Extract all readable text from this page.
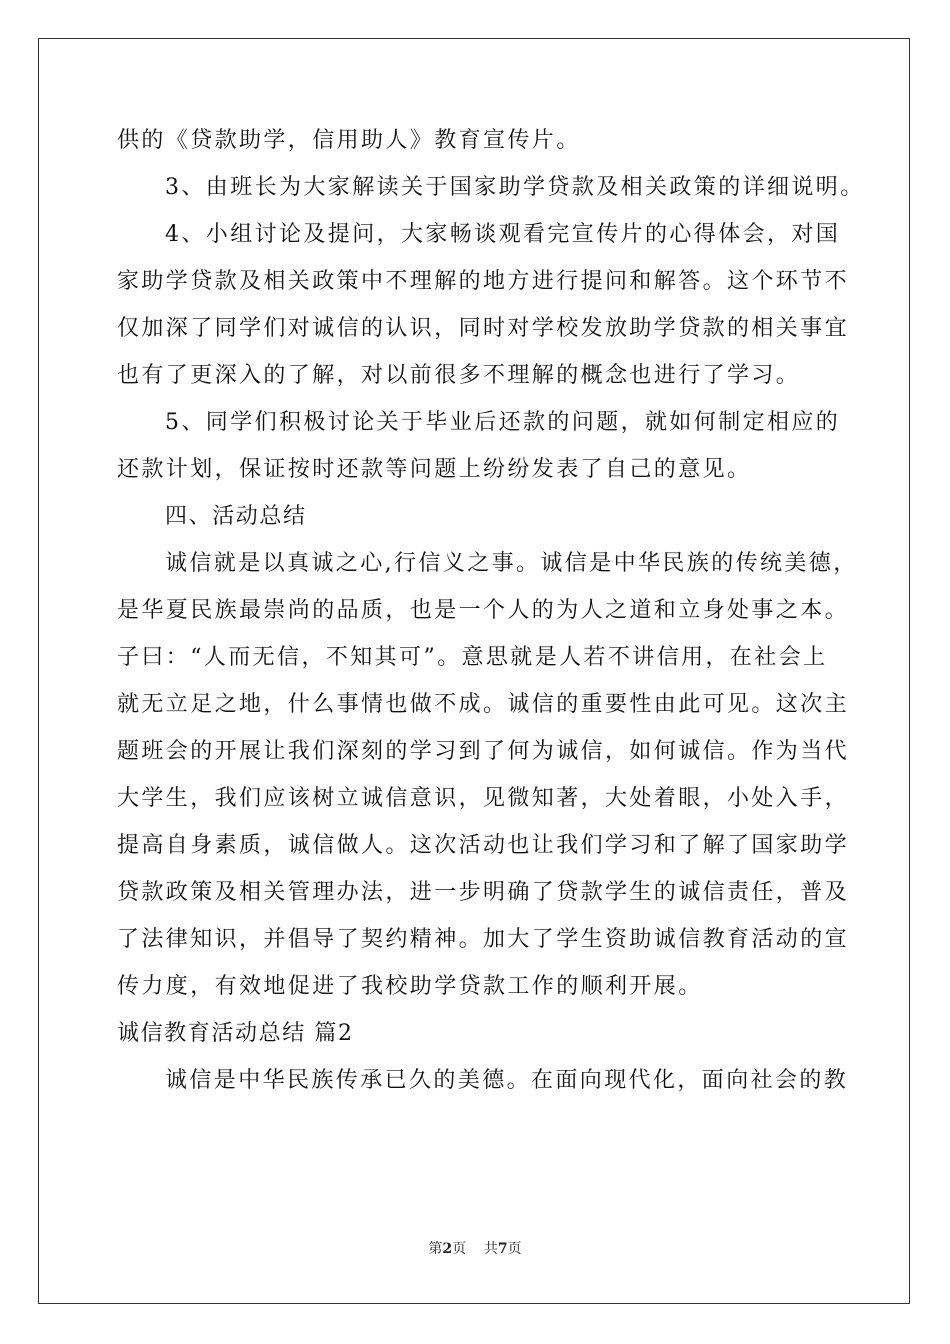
供的《贷款助学，信用助人》教育宣传片。
3、由班长为大家解读关于国家助学贷款及相关政策的详细说明。
4、小组讨论及提问，大家畅谈观看完宣传片的心得体会，对国
家助学贷款及相关政策中不理解的地方进行提问和解答。这个环节不
仅加深了同学们对诚信的认识，同时对学校发放助学贷款的相关事宜
也有了更深入的了解，对以前很多不理解的概念也进行了学习。
5、同学们积极讨论关于毕业后还款的问题，就如何制定相应的
还款计划，保证按时还款等问题上纷纷发表了自己的意见。
四、活动总结
诚信就是以真诚之心,行信义之事。诚信是中华民族的传统美德，
是华夏民族最崇尚的品质，也是一个人的为人之道和立身处事之本。
子曰：“人而无信，不知其可”。意思就是人若不讲信用，在社会上
就无立足之地，什么事情也做不成。诚信的重要性由此可见。这次主
题班会的开展让我们深刻的学习到了何为诚信，如何诚信。作为当代
大学生，我们应该树立诚信意识，见微知著，大处着眼，小处入手，
提高自身素质，诚信做人。这次活动也让我们学习和了解了国家助学
贷款政策及相关管理办法，进一步明确了贷款学生的诚信责任，普及
了法律知识，并倡导了契约精神。加大了学生资助诚信教育活动的宣
传力度，有效地促进了我校助学贷款工作的顺利开展。
诚信教育活动总结 篇2
诚信是中华民族传承已久的美德。在面向现代化，面向社会的教
第2页 共7页
